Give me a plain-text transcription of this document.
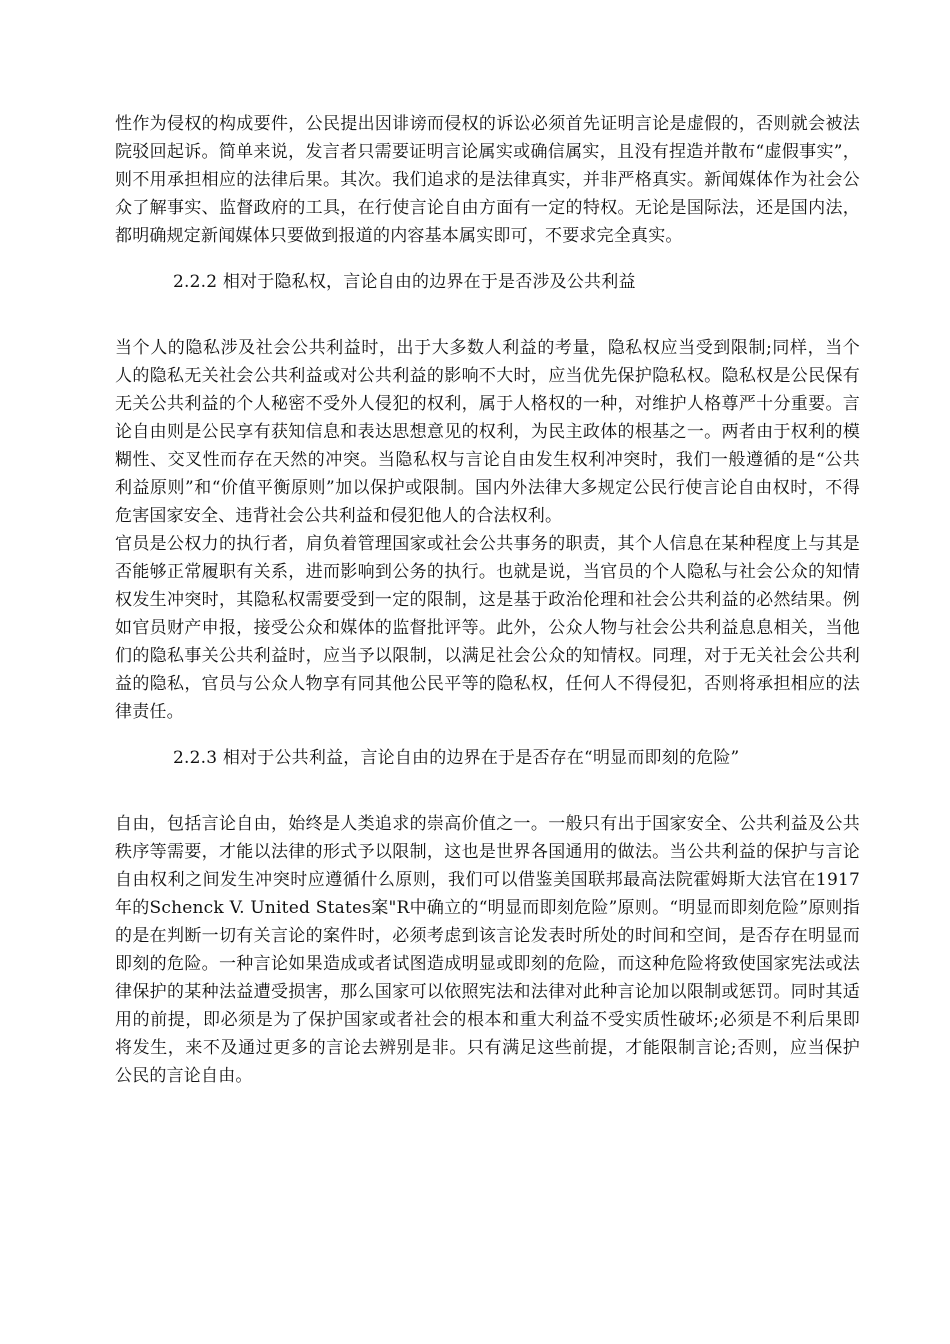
性作为侵权的构成要件，公民提出因诽谤而侵权的诉讼必须首先证明言论是虚假的，否则就会被法院驳回起诉。简单来说，发言者只需要证明言论属实或确信属实，且没有捏造并散布“虚假事实”，则不用承担相应的法律后果。其次。我们追求的是法律真实，并非严格真实。新闻媒体作为社会公众了解事实、监督政府的工具，在行使言论自由方面有一定的特权。无论是国际法，还是国内法，都明确规定新闻媒体只要做到报道的内容基本属实即可，不要求完全真实。

2.2.2 相对于隐私权，言论自由的边界在于是否涉及公共利益

当个人的隐私涉及社会公共利益时，出于大多数人利益的考量，隐私权应当受到限制;同样，当个人的隐私无关社会公共利益或对公共利益的影响不大时，应当优先保护隐私权。隐私权是公民保有无关公共利益的个人秘密不受外人侵犯的权利，属于人格权的一种，对维护人格尊严十分重要。言论自由则是公民享有获知信息和表达思想意见的权利，为民主政体的根基之一。两者由于权利的模糊性、交叉性而存在天然的冲突。当隐私权与言论自由发生权利冲突时，我们一般遵循的是“公共利益原则”和“价值平衡原则”加以保护或限制。国内外法律大多规定公民行使言论自由权时，不得危害国家安全、违背社会公共利益和侵犯他人的合法权利。

官员是公权力的执行者，肩负着管理国家或社会公共事务的职责，其个人信息在某种程度上与其是否能够正常履职有关系，进而影响到公务的执行。也就是说，当官员的个人隐私与社会公众的知情权发生冲突时，其隐私权需要受到一定的限制，这是基于政治伦理和社会公共利益的必然结果。例如官员财产申报，接受公众和媒体的监督批评等。此外，公众人物与社会公共利益息息相关，当他们的隐私事关公共利益时，应当予以限制，以满足社会公众的知情权。同理，对于无关社会公共利益的隐私，官员与公众人物享有同其他公民平等的隐私权，任何人不得侵犯，否则将承担相应的法律责任。

2.2.3 相对于公共利益，言论自由的边界在于是否存在“明显而即刻的危险”

自由，包括言论自由，始终是人类追求的崇高价值之一。一般只有出于国家安全、公共利益及公共秩序等需要，才能以法律的形式予以限制，这也是世界各国通用的做法。当公共利益的保护与言论自由权利之间发生冲突时应遵循什么原则，我们可以借鉴美国联邦最高法院霍姆斯大法官在1917年的Schenck V. United States案"R中确立的“明显而即刻危险”原则。“明显而即刻危险”原则指的是在判断一切有关言论的案件时，必须考虑到该言论发表时所处的时间和空间，是否存在明显而即刻的危险。一种言论如果造成或者试图造成明显或即刻的危险，而这种危险将致使国家宪法或法律保护的某种法益遭受损害，那么国家可以依照宪法和法律对此种言论加以限制或惩罚。同时其适用的前提，即必须是为了保护国家或者社会的根本和重大利益不受实质性破坏;必须是不利后果即将发生，来不及通过更多的言论去辨别是非。只有满足这些前提，才能限制言论;否则，应当保护公民的言论自由。
